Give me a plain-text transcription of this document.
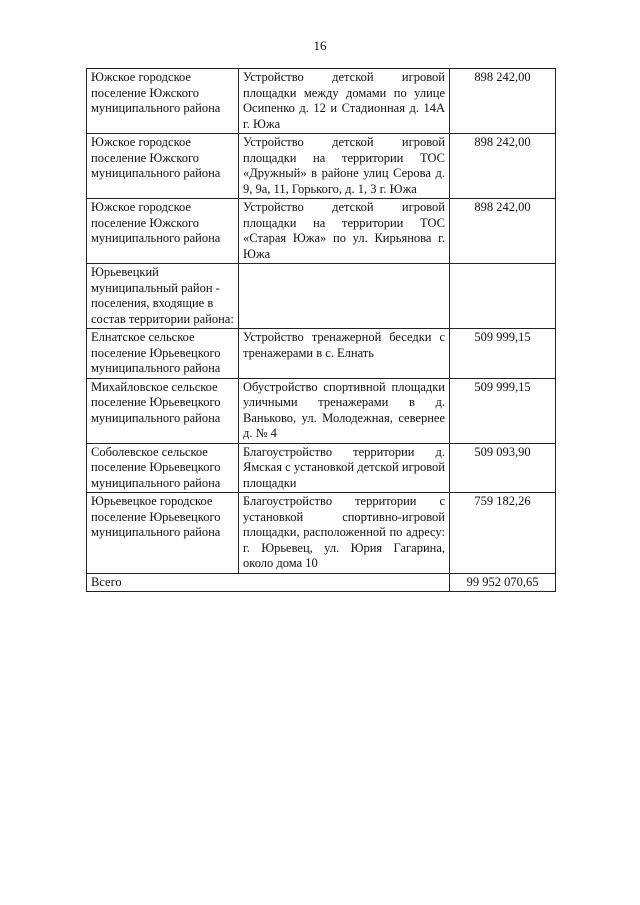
16
Южское городское поселение Южского муниципального района	Устройство детской игровой площадки между домами по улице Осипенко д. 12 и Стадионная д. 14А г. Южа	898 242,00
Южское городское поселение Южского муниципального района	Устройство детской игровой площадки на территории ТОС «Дружный» в районе улиц Серова д. 9, 9а, 11, Горького, д. 1, 3 г. Южа	898 242,00
Южское городское поселение Южского муниципального района	Устройство детской игровой площадки на территории ТОС «Старая Южа» по ул. Кирьянова г. Южа	898 242,00
Юрьевецкий муниципальный район - поселения, входящие в состав территории района:		
Елнатское сельское поселение Юрьевецкого муниципального района	Устройство тренажерной беседки с тренажерами в с. Елнать	509 999,15
Михайловское сельское поселение Юрьевецкого муниципального района	Обустройство спортивной площадки уличными тренажерами в д. Ваньково, ул. Молодежная, севернее д. № 4	509 999,15
Соболевское сельское поселение Юрьевецкого муниципального района	Благоустройство территории д. Ямская с установкой детской игровой площадки	509 093,90
Юрьевецкое городское поселение Юрьевецкого муниципального района	Благоустройство территории с установкой спортивно-игровой площадки, расположенной по адресу: г. Юрьевец, ул. Юрия Гагарина, около дома 10	759 182,26
Всего		99 952 070,65
